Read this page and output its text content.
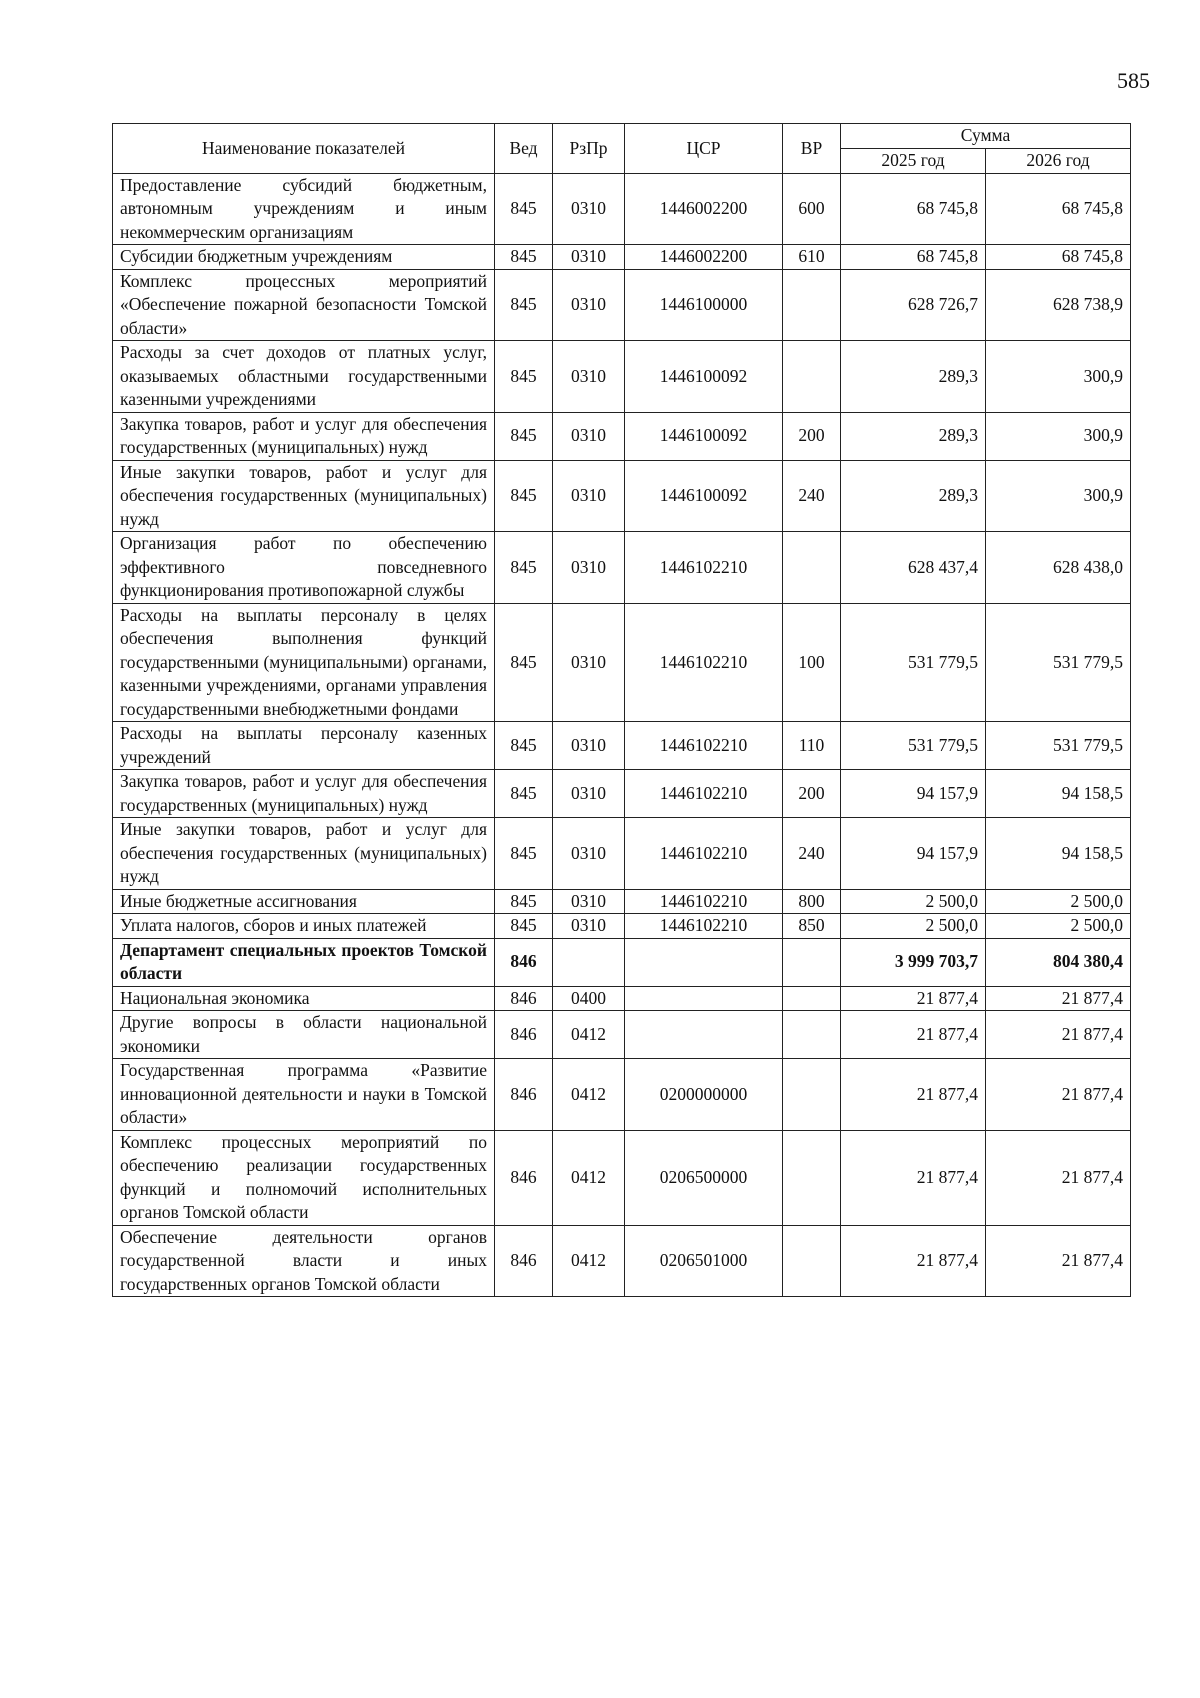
585
Наименование показателей	Вед	РзПр	ЦСР	ВР	Сумма	
					2025 год	2026 год
Предоставление субсидий бюджетным, автономным учреждениям и иным некоммерческим организациям	845	0310	1446002200	600	68 745,8	68 745,8
Субсидии бюджетным учреждениям	845	0310	1446002200	610	68 745,8	68 745,8
Комплекс процессных мероприятий «Обеспечение пожарной безопасности Томской области»	845	0310	1446100000		628 726,7	628 738,9
Расходы за счет доходов от платных услуг, оказываемых областными государственными казенными учреждениями	845	0310	1446100092		289,3	300,9
Закупка товаров, работ и услуг для обеспечения государственных (муниципальных) нужд	845	0310	1446100092	200	289,3	300,9
Иные закупки товаров, работ и услуг для обеспечения государственных (муниципальных) нужд	845	0310	1446100092	240	289,3	300,9
Организация работ по обеспечению эффективного повседневного функционирования противопожарной службы	845	0310	1446102210		628 437,4	628 438,0
Расходы на выплаты персоналу в целях обеспечения выполнения функций государственными (муниципальными) органами, казенными учреждениями, органами управления государственными внебюджетными фондами	845	0310	1446102210	100	531 779,5	531 779,5
Расходы на выплаты персоналу казенных учреждений	845	0310	1446102210	110	531 779,5	531 779,5
Закупка товаров, работ и услуг для обеспечения государственных (муниципальных) нужд	845	0310	1446102210	200	94 157,9	94 158,5
Иные закупки товаров, работ и услуг для обеспечения государственных (муниципальных) нужд	845	0310	1446102210	240	94 157,9	94 158,5
Иные бюджетные ассигнования	845	0310	1446102210	800	2 500,0	2 500,0
Уплата налогов, сборов и иных платежей	845	0310	1446102210	850	2 500,0	2 500,0
Департамент специальных проектов Томской области	846				3 999 703,7	804 380,4
Национальная экономика	846	0400			21 877,4	21 877,4
Другие вопросы в области национальной экономики	846	0412			21 877,4	21 877,4
Государственная программа «Развитие инновационной деятельности и науки в Томской области»	846	0412	0200000000		21 877,4	21 877,4
Комплекс процессных мероприятий по обеспечению реализации государственных функций и полномочий исполнительных органов Томской области	846	0412	0206500000		21 877,4	21 877,4
Обеспечение деятельности органов государственной власти и иных государственных органов Томской области	846	0412	0206501000		21 877,4	21 877,4
